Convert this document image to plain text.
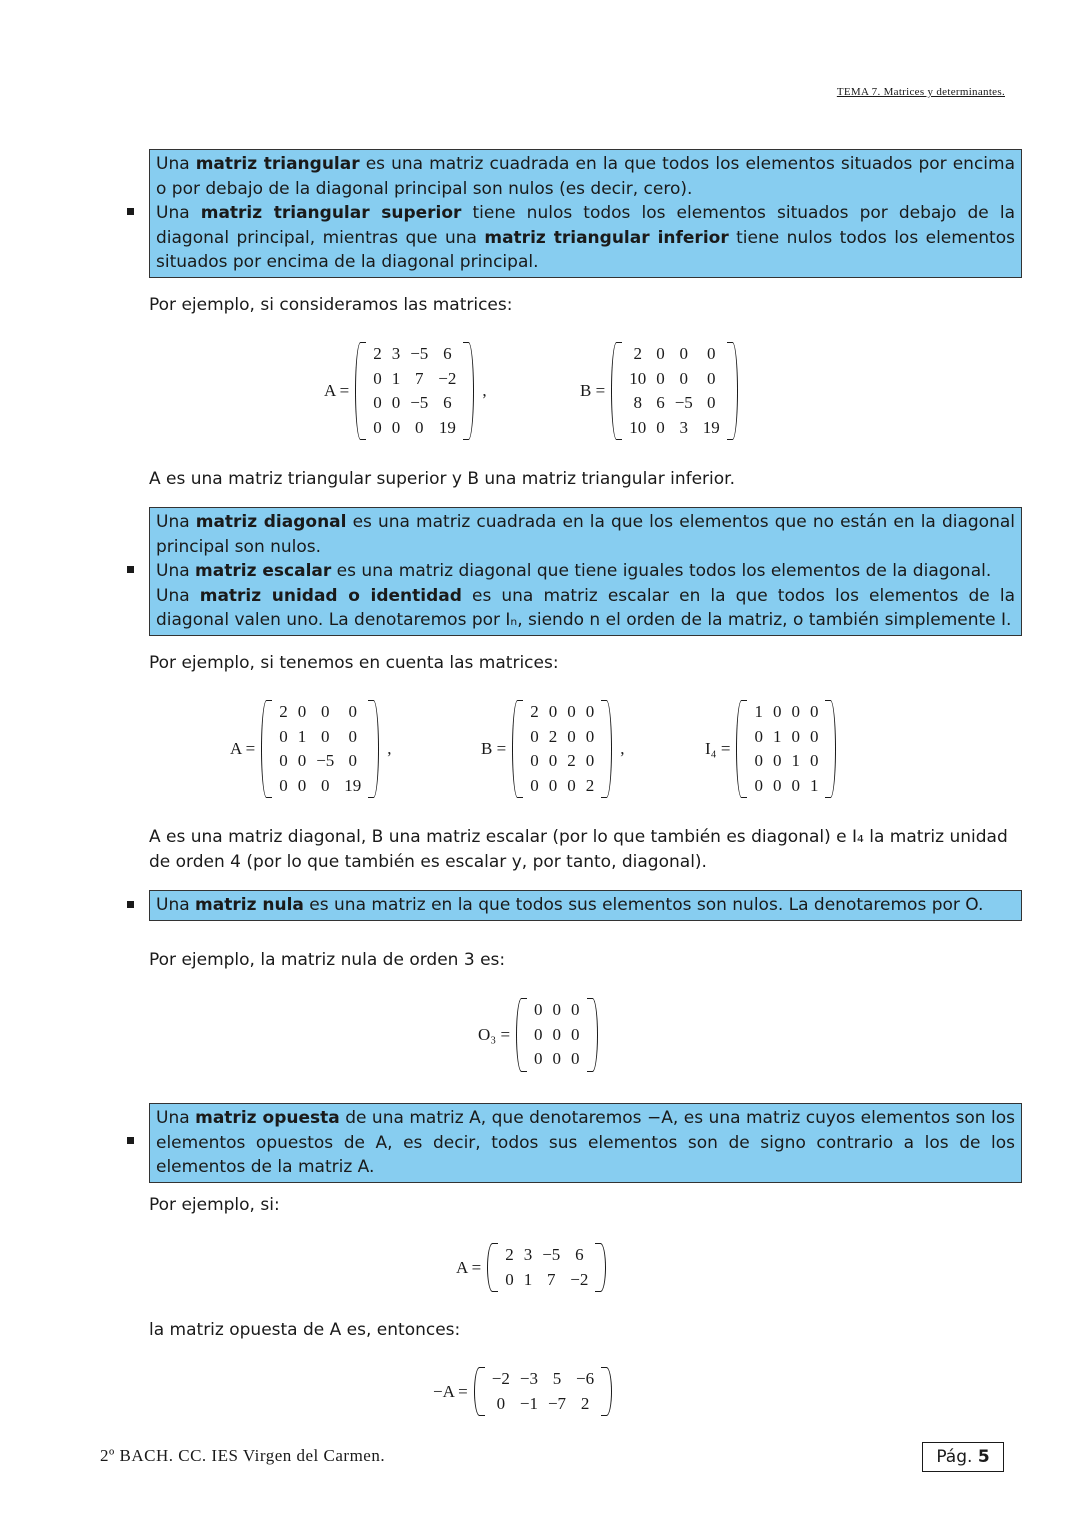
TEMA 7. Matrices y determinantes.

Una matriz triangular es una matriz cuadrada en la que todos los elementos situados por encima o por debajo de la diagonal principal son nulos (es decir, cero).

Una matriz triangular superior tiene nulos todos los elementos situados por debajo de la diagonal principal, mientras que una matriz triangular inferior tiene nulos todos los elementos situados por encima de la diagonal principal.

Por ejemplo, si consideramos las matrices:
A =
2	3	−5	6
0	1	7	−2
0	0	−5	6
0	0	0	19
,	B =
2	0	0	0
10	0	0	0
8	6	−5	0
10	0	3	19
A es una matriz triangular superior y B una matriz triangular inferior.

Una matriz diagonal es una matriz cuadrada en la que los elementos que no están en la diagonal principal son nulos.

Una matriz escalar es una matriz diagonal que tiene iguales todos los elementos de la diagonal.

Una matriz unidad o identidad es una matriz escalar en la que todos los elementos de la diagonal valen uno. La denotaremos por Iₙ, siendo n el orden de la matriz, o también simplemente I.

Por ejemplo, si tenemos en cuenta las matrices:
A =
2	0	0	0
0	1	0	0
0	0	−5	0
0	0	0	19
,	B =
2	0	0	0
0	2	0	0
0	0	2	0
0	0	0	2
,	I₄ =
1	0	0	0
0	1	0	0
0	0	1	0
0	0	0	1
A es una matriz diagonal, B una matriz escalar (por lo que también es diagonal) e I₄ la matriz unidad de orden 4 (por lo que también es escalar y, por tanto, diagonal).

Una matriz nula es una matriz en la que todos sus elementos son nulos. La denotaremos por O.

Por ejemplo, la matriz nula de orden 3 es:
O₃ =
0	0	0
0	0	0
0	0	0

Una matriz opuesta de una matriz A, que denotaremos −A, es una matriz cuyos elementos son los elementos opuestos de A, es decir, todos sus elementos son de signo contrario a los de los elementos de la matriz A.

Por ejemplo, si:
A =
2	3	−5	6
0	1	7	−2
la matriz opuesta de A es, entonces:
−A =
−2	−3	5	−6
0	−1	−7	2
2º BACH. CC. IES Virgen del Carmen.	Pág. 5
